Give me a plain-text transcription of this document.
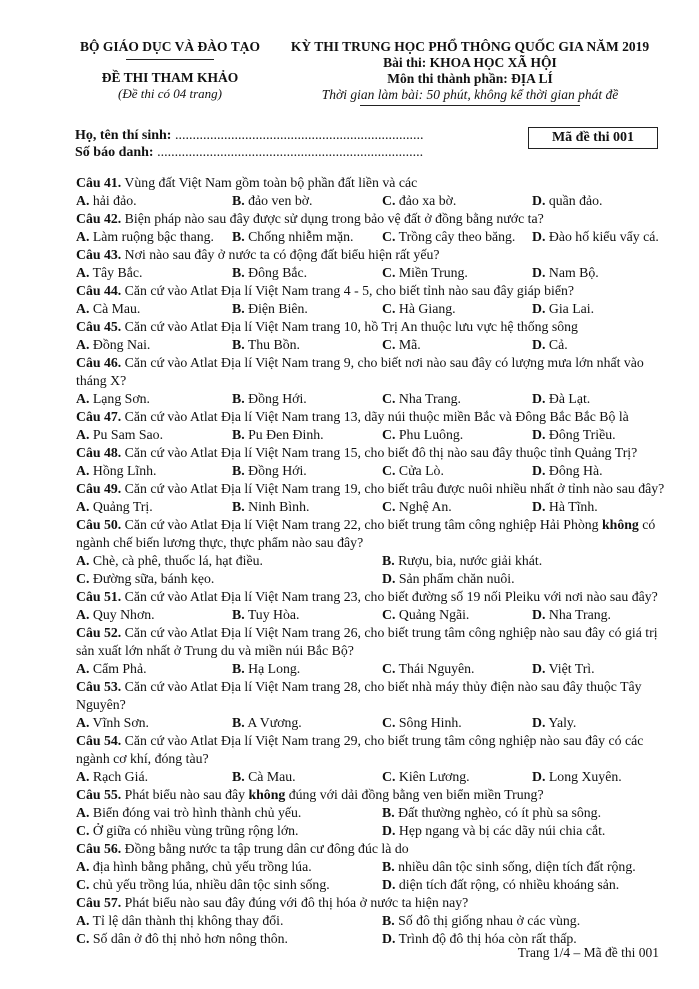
BỘ GIÁO DỤC VÀ ĐÀO TẠO
ĐỀ THI THAM KHẢO
(Đề thi có 04 trang)
KỲ THI TRUNG HỌC PHỔ THÔNG QUỐC GIA NĂM 2019
Bài thi: KHOA HỌC XÃ HỘI
Môn thi thành phần: ĐỊA LÍ
Thời gian làm bài: 50 phút, không kể thời gian phát đề
Họ, tên thí sinh: .......................................................................
Số báo danh: ............................................................................
Mã đề thi 001
Câu 41. Vùng đất Việt Nam gồm toàn bộ phần đất liền và các
A. hải đảo.	B. đảo ven bờ.	C. đảo xa bờ.	D. quần đảo.
Câu 42. Biện pháp nào sau đây được sử dụng trong bảo vệ đất ở đồng bằng nước ta?
A. Làm ruộng bậc thang. B. Chống nhiễm mặn. C. Trồng cây theo băng. D. Đào hố kiểu vẩy cá.
Câu 43. Nơi nào sau đây ở nước ta có động đất biểu hiện rất yếu?
A. Tây Bắc.	B. Đông Bắc.	C. Miền Trung.	D. Nam Bộ.
Câu 44. Căn cứ vào Atlat Địa lí Việt Nam trang 4 - 5, cho biết tỉnh nào sau đây giáp biển?
A. Cà Mau.	B. Điện Biên.	C. Hà Giang.	D. Gia Lai.
Câu 45. Căn cứ vào Atlat Địa lí Việt Nam trang 10, hồ Trị An thuộc lưu vực hệ thống sông
A. Đồng Nai.	B. Thu Bồn.	C. Mã.	D. Cả.
Câu 46. Căn cứ vào Atlat Địa lí Việt Nam trang 9, cho biết nơi nào sau đây có lượng mưa lớn nhất vào tháng X?
A. Lạng Sơn.	B. Đồng Hới.	C. Nha Trang.	D. Đà Lạt.
Câu 47. Căn cứ vào Atlat Địa lí Việt Nam trang 13, dãy núi thuộc miền Bắc và Đông Bắc Bắc Bộ là
A. Pu Sam Sao.	B. Pu Đen Đinh.	C. Phu Luông.	D. Đông Triều.
Câu 48. Căn cứ vào Atlat Địa lí Việt Nam trang 15, cho biết đô thị nào sau đây thuộc tỉnh Quảng Trị?
A. Hồng Lĩnh.	B. Đồng Hới.	C. Cửa Lò.	D. Đông Hà.
Câu 49. Căn cứ vào Atlat Địa lí Việt Nam trang 19, cho biết trâu được nuôi nhiều nhất ở tỉnh nào sau đây?
A. Quảng Trị.	B. Ninh Bình.	C. Nghệ An.	D. Hà Tĩnh.
Câu 50. Căn cứ vào Atlat Địa lí Việt Nam trang 22, cho biết trung tâm công nghiệp Hải Phòng không có ngành chế biến lương thực, thực phẩm nào sau đây?
A. Chè, cà phê, thuốc lá, hạt điều.	B. Rượu, bia, nước giải khát.
C. Đường sữa, bánh kẹo.	D. Sản phẩm chăn nuôi.
Câu 51. Căn cứ vào Atlat Địa lí Việt Nam trang 23, cho biết đường số 19 nối Pleiku với nơi nào sau đây?
A. Quy Nhơn.	B. Tuy Hòa.	C. Quảng Ngãi.	D. Nha Trang.
Câu 52. Căn cứ vào Atlat Địa lí Việt Nam trang 26, cho biết trung tâm công nghiệp nào sau đây có giá trị sản xuất lớn nhất ở Trung du và miền núi Bắc Bộ?
A. Cẩm Phả.	B. Hạ Long.	C. Thái Nguyên.	D. Việt Trì.
Câu 53. Căn cứ vào Atlat Địa lí Việt Nam trang 28, cho biết nhà máy thủy điện nào sau đây thuộc Tây Nguyên?
A. Vĩnh Sơn.	B. A Vương.	C. Sông Hinh.	D. Yaly.
Câu 54. Căn cứ vào Atlat Địa lí Việt Nam trang 29, cho biết trung tâm công nghiệp nào sau đây có các ngành cơ khí, đóng tàu?
A. Rạch Giá.	B. Cà Mau.	C. Kiên Lương.	D. Long Xuyên.
Câu 55. Phát biểu nào sau đây không đúng với dải đồng bằng ven biển miền Trung?
A. Biển đóng vai trò hình thành chủ yếu.	B. Đất thường nghèo, có ít phù sa sông.
C. Ở giữa có nhiều vùng trũng rộng lớn.	D. Hẹp ngang và bị các dãy núi chia cắt.
Câu 56. Đồng bằng nước ta tập trung dân cư đông đúc là do
A. địa hình bằng phẳng, chủ yếu trồng lúa.	B. nhiều dân tộc sinh sống, diện tích đất rộng.
C. chủ yếu trồng lúa, nhiều dân tộc sinh sống.	D. diện tích đất rộng, có nhiều khoáng sản.
Câu 57. Phát biểu nào sau đây đúng với đô thị hóa ở nước ta hiện nay?
A. Tỉ lệ dân thành thị không thay đổi.	B. Số đô thị giống nhau ở các vùng.
C. Số dân ở đô thị nhỏ hơn nông thôn.	D. Trình độ đô thị hóa còn rất thấp.
Trang 1/4 – Mã đề thi 001
